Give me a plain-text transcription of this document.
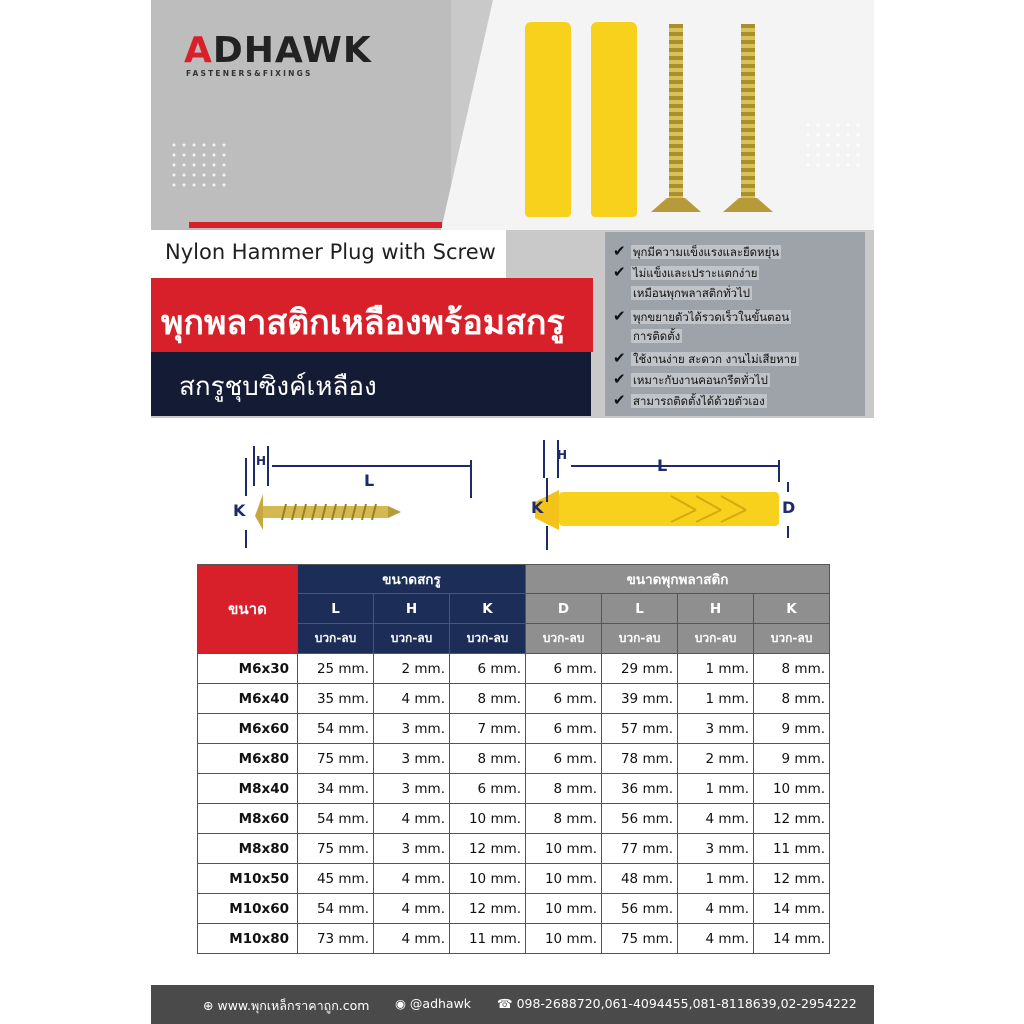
ADHAWK
FASTENERS&FIXINGS
Nylon Hammer Plug with Screw
พุกพลาสติกเหลืองพร้อมสกรู
สกรูชุบซิงค์เหลือง
✔ พุกมีความแข็งแรงและยืดหยุ่น
✔ ไม่แข็งและเปราะแตกง่าย
เหมือนพุกพลาสติกทั่วไป
✔ พุกขยายตัวได้รวดเร็วในขั้นตอน
การติดตั้ง
✔ ใช้งานง่าย สะดวก งานไม่เสียหาย
✔ เหมาะกับงานคอนกรีตทั่วไป
✔ สามารถติดตั้งได้ด้วยตัวเอง
H
L
K
H
L
K	D
ขนาด	ขนาดสกรู			ขนาดพุกพลาสติก			
	L	H	K	D	L	H	K
	บวก-ลบ	บวก-ลบ	บวก-ลบ	บวก-ลบ	บวก-ลบ	บวก-ลบ	บวก-ลบ
M6x30	25 mm.	2 mm.	6 mm.	6 mm.	29 mm.	1 mm.	8 mm.
M6x40	35 mm.	4 mm.	8 mm.	6 mm.	39 mm.	1 mm.	8 mm.
M6x60	54 mm.	3 mm.	7 mm.	6 mm.	57 mm.	3 mm.	9 mm.
M6x80	75 mm.	3 mm.	8 mm.	6 mm.	78 mm.	2 mm.	9 mm.
M8x40	34 mm.	3 mm.	6 mm.	8 mm.	36 mm.	1 mm.	10 mm.
M8x60	54 mm.	4 mm.	10 mm.	8 mm.	56 mm.	4 mm.	12 mm.
M8x80	75 mm.	3 mm.	12 mm.	10 mm.	77 mm.	3 mm.	11 mm.
M10x50	45 mm.	4 mm.	10 mm.	10 mm.	48 mm.	1 mm.	12 mm.
M10x60	54 mm.	4 mm.	12 mm.	10 mm.	56 mm.	4 mm.	14 mm.
M10x80	73 mm.	4 mm.	11 mm.	10 mm.	75 mm.	4 mm.	14 mm.
⊕ www.พุกเหล็กราคาถูก.com ◉ @adhawk ☎ 098-2688720,061-4094455,081-8118639,02-2954222
